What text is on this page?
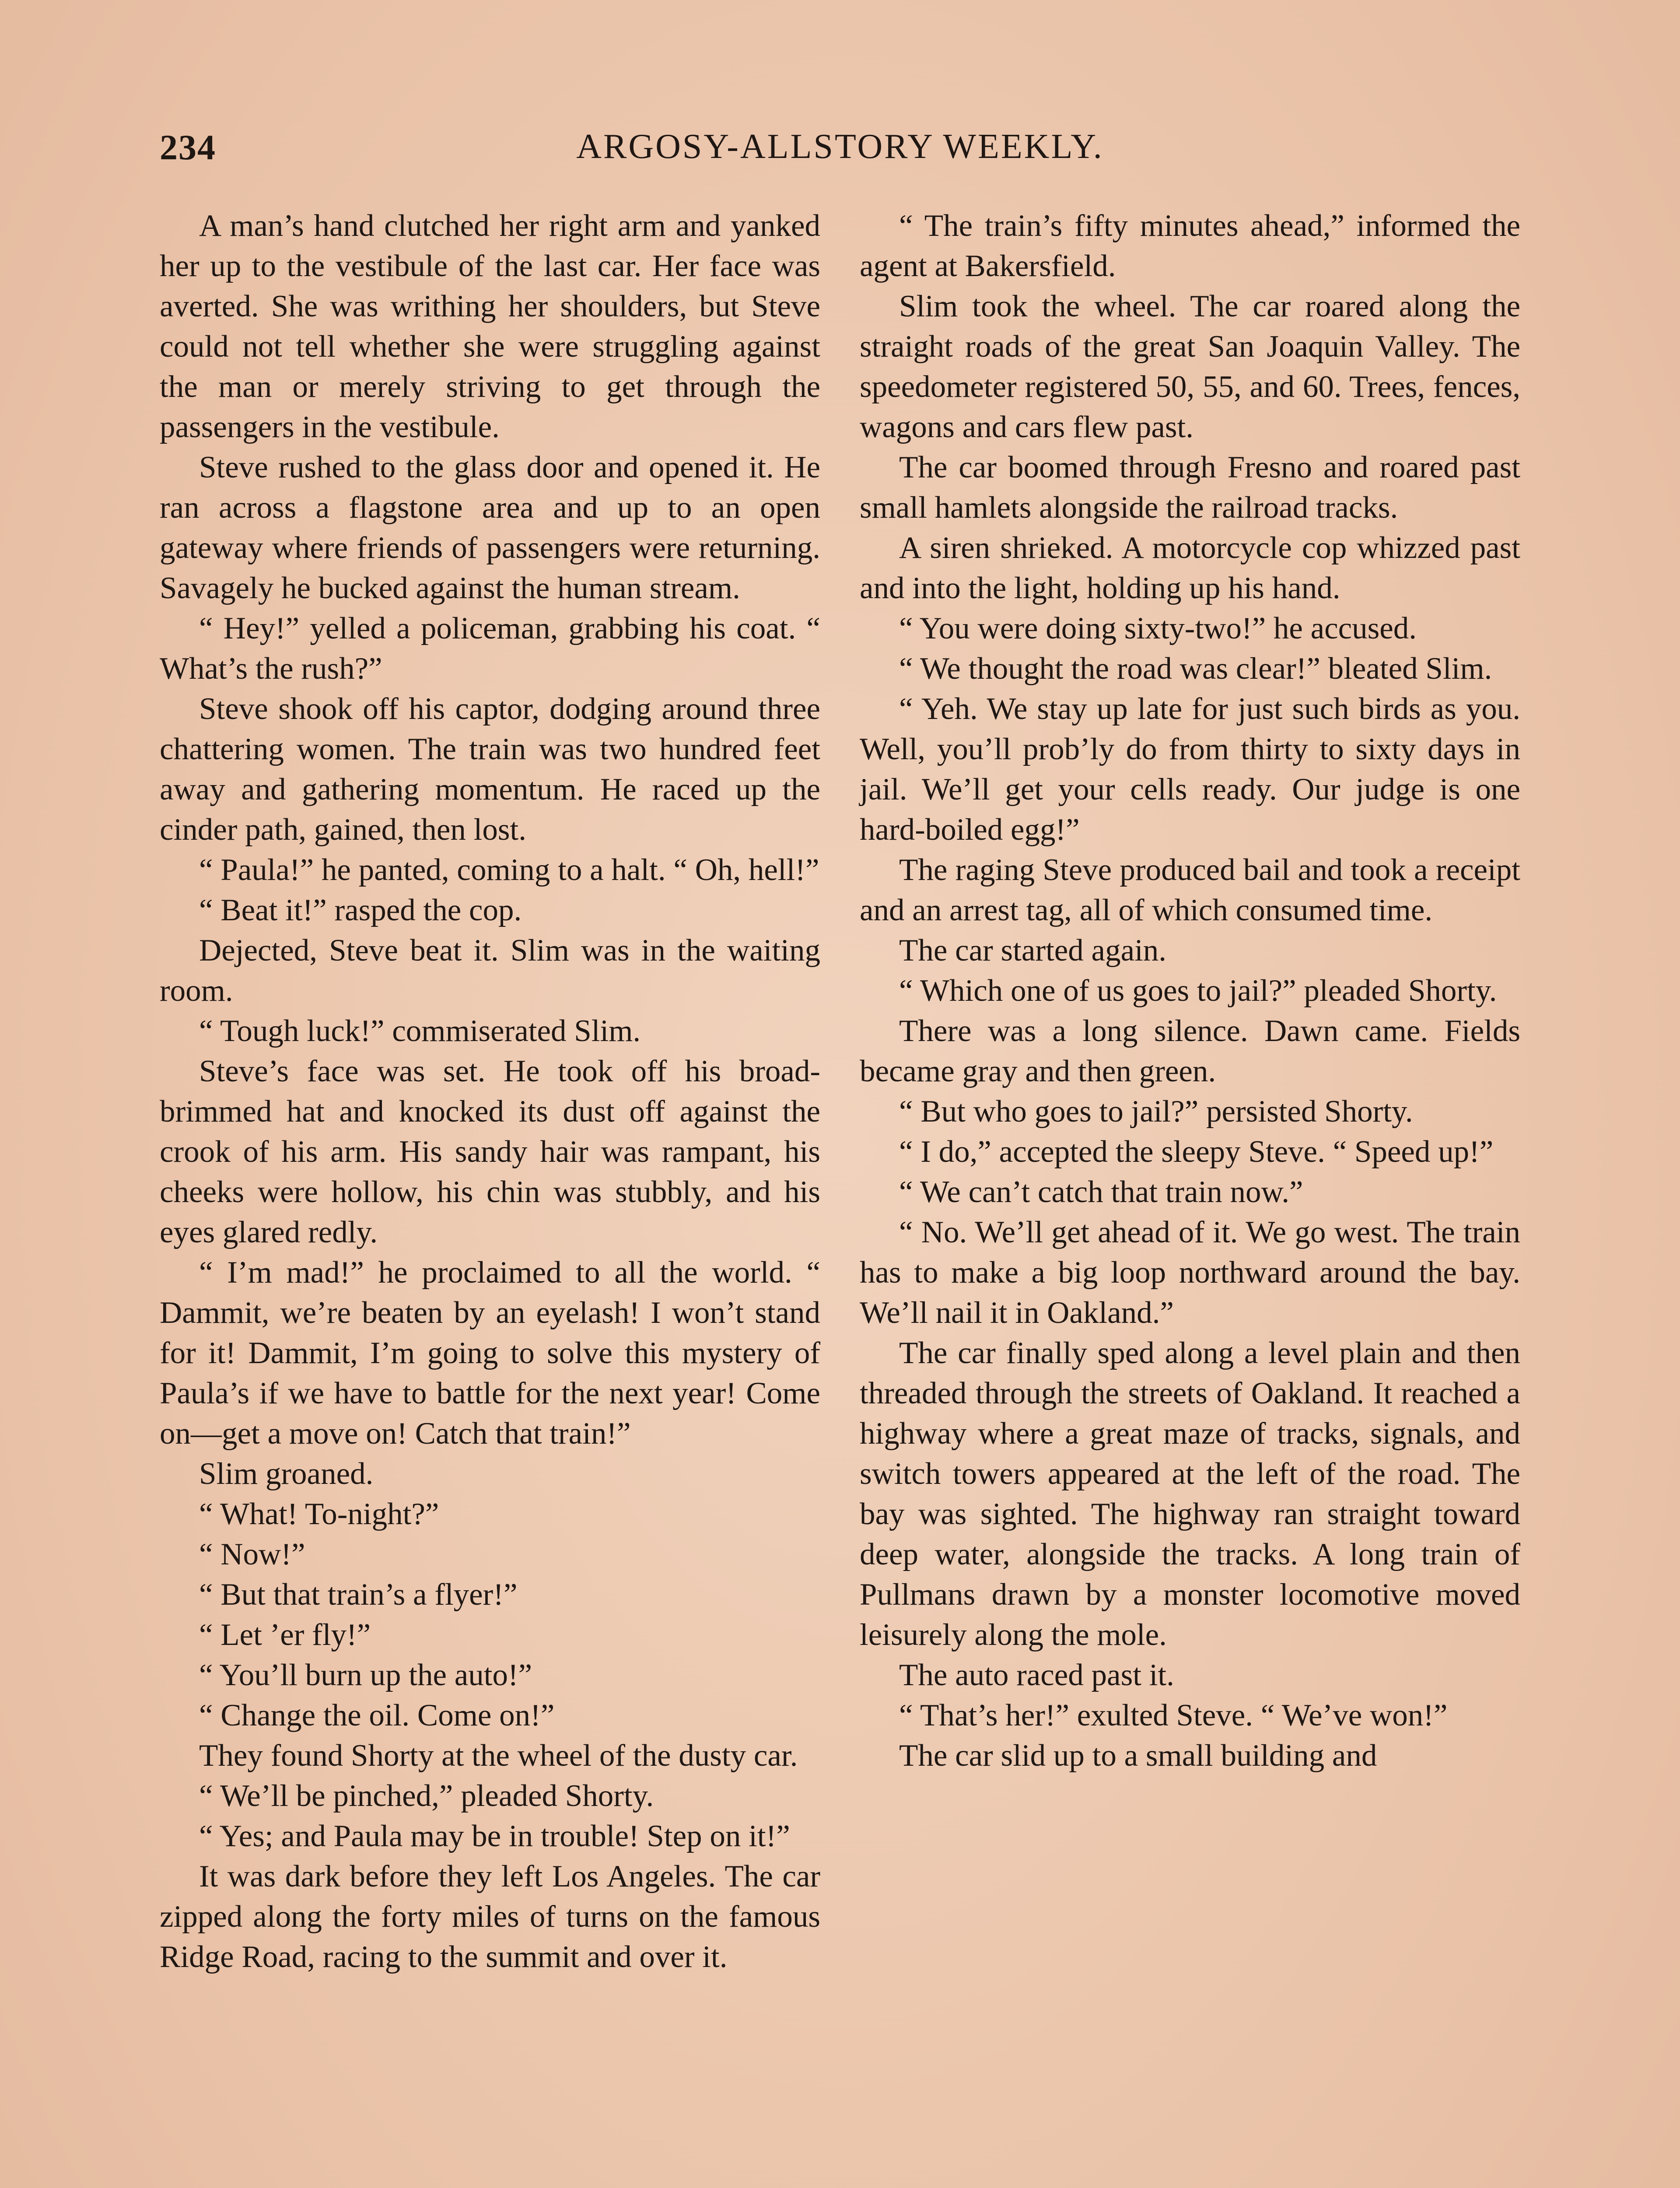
234	ARGOSY-ALLSTORY WEEKLY.

A man’s hand clutched her right arm and yanked her up to the vestibule of the last car. Her face was averted. She was writhing her shoulders, but Steve could not tell whether she were struggling against the man or merely striving to get through the passengers in the vestibule.

Steve rushed to the glass door and opened it. He ran across a flagstone area and up to an open gateway where friends of passengers were returning. Savagely he bucked against the human stream.

“ Hey!” yelled a policeman, grabbing his coat. “ What’s the rush?”

Steve shook off his captor, dodging around three chattering women. The train was two hundred feet away and gathering momentum. He raced up the cinder path, gained, then lost.

“ Paula!” he panted, coming to a halt. “ Oh, hell!”

“ Beat it!” rasped the cop.

Dejected, Steve beat it. Slim was in the waiting room.

“ Tough luck!” commiserated Slim.

Steve’s face was set. He took off his broad-brimmed hat and knocked its dust off against the crook of his arm. His sandy hair was rampant, his cheeks were hollow, his chin was stubbly, and his eyes glared redly.

“ I’m mad!” he proclaimed to all the world. “ Dammit, we’re beaten by an eyelash! I won’t stand for it! Dammit, I’m going to solve this mystery of Paula’s if we have to battle for the next year! Come on—get a move on! Catch that train!”

Slim groaned.

“ What! To-night?”

“ Now!”

“ But that train’s a flyer!”

“ Let ’er fly!”

“ You’ll burn up the auto!”

“ Change the oil. Come on!”

They found Shorty at the wheel of the dusty car.

“ We’ll be pinched,” pleaded Shorty.

“ Yes; and Paula may be in trouble! Step on it!”

It was dark before they left Los Angeles. The car zipped along the forty miles of turns on the famous Ridge Road, racing to the summit and over it.

“ The train’s fifty minutes ahead,” informed the agent at Bakersfield.

Slim took the wheel. The car roared along the straight roads of the great San Joaquin Valley. The speedometer registered 50, 55, and 60. Trees, fences, wagons and cars flew past.

The car boomed through Fresno and roared past small hamlets alongside the railroad tracks.

A siren shrieked. A motorcycle cop whizzed past and into the light, holding up his hand.

“ You were doing sixty-two!” he accused.

“ We thought the road was clear!” bleated Slim.

“ Yeh. We stay up late for just such birds as you. Well, you’ll prob’ly do from thirty to sixty days in jail. We’ll get your cells ready. Our judge is one hard-boiled egg!”

The raging Steve produced bail and took a receipt and an arrest tag, all of which consumed time.

The car started again.

“ Which one of us goes to jail?” pleaded Shorty.

There was a long silence. Dawn came. Fields became gray and then green.

“ But who goes to jail?” persisted Shorty.

“ I do,” accepted the sleepy Steve. “ Speed up!”

“ We can’t catch that train now.”

“ No. We’ll get ahead of it. We go west. The train has to make a big loop northward around the bay. We’ll nail it in Oakland.”

The car finally sped along a level plain and then threaded through the streets of Oakland. It reached a highway where a great maze of tracks, signals, and switch towers appeared at the left of the road. The bay was sighted. The highway ran straight toward deep water, alongside the tracks. A long train of Pullmans drawn by a monster locomotive moved leisurely along the mole.

The auto raced past it.

“ That’s her!” exulted Steve. “ We’ve won!”

The car slid up to a small building and
